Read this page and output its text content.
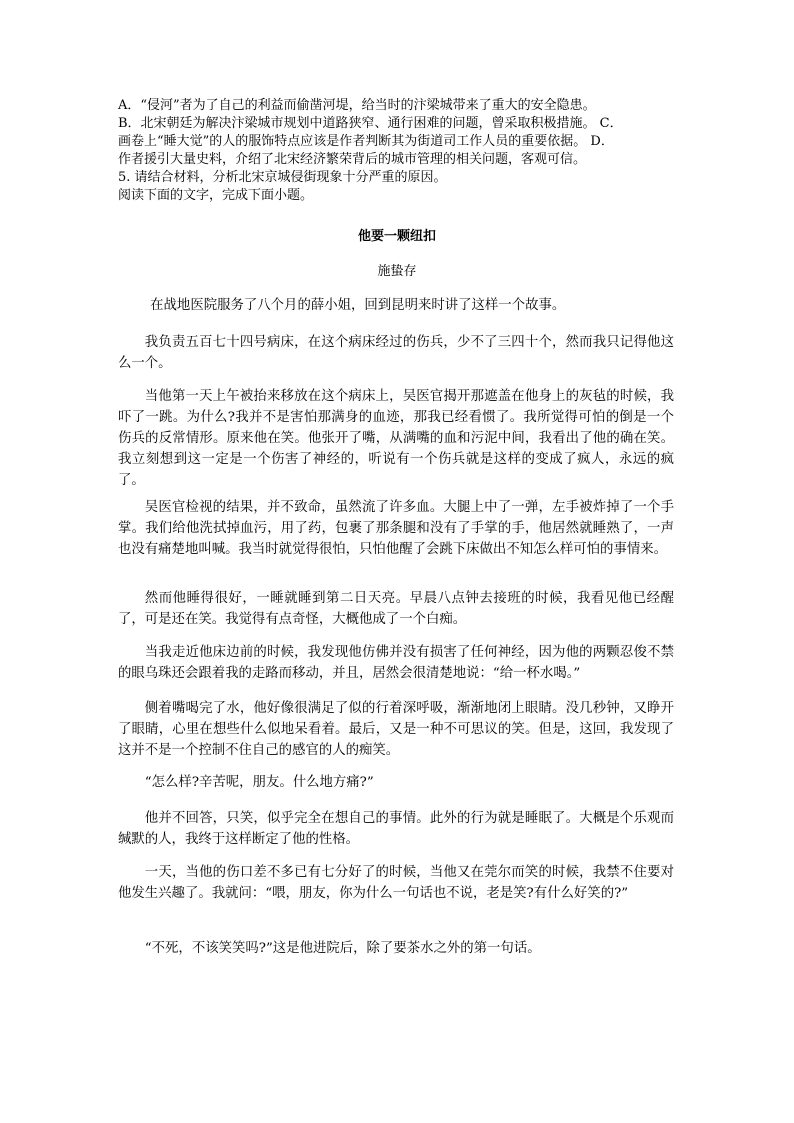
A．“侵河”者为了自己的利益而偷凿河堤，给当时的汴梁城带来了重大的安全隐患。
B．北宋朝廷为解决汴梁城市规划中道路狭窄、通行困难的问题，曾采取积极措施。 C．
画卷上“睡大觉”的人的服饰特点应该是作者判断其为街道司工作人员的重要依据。 D．
作者援引大量史料，介绍了北宋经济繁荣背后的城市管理的相关问题，客观可信。
5. 请结合材料，分析北宋京城侵街现象十分严重的原因。
阅读下面的文字，完成下面小题。
他要一颗纽扣
施蛰存
在战地医院服务了八个月的薛小姐，回到昆明来时讲了这样一个故事。
我负责五百七十四号病床，在这个病床经过的伤兵，少不了三四十个，然而我只记得他这么一个。
当他第一天上午被抬来移放在这个病床上，吴医官揭开那遮盖在他身上的灰毡的时候，我吓了一跳。为什么?我并不是害怕那满身的血迹，那我已经看惯了。我所觉得可怕的倒是一个伤兵的反常情形。原来他在笑。他张开了嘴，从满嘴的血和污泥中间，我看出了他的确在笑。我立刻想到这一定是一个伤害了神经的，听说有一个伤兵就是这样的变成了疯人，永远的疯了。
吴医官检视的结果，并不致命，虽然流了许多血。大腿上中了一弹，左手被炸掉了一个手掌。我们给他洗拭掉血污，用了药，包裹了那条腿和没有了手掌的手，他居然就睡熟了，一声也没有痛楚地叫喊。我当时就觉得很怕，只怕他醒了会跳下床做出不知怎么样可怕的事情来。
然而他睡得很好，一睡就睡到第二日天亮。早晨八点钟去接班的时候，我看见他已经醒了，可是还在笑。我觉得有点奇怪，大概他成了一个白痴。
当我走近他床边前的时候，我发现他仿佛并没有损害了任何神经，因为他的两颗忍俊不禁的眼乌珠还会跟着我的走路而移动，并且，居然会很清楚地说：“给一杯水喝。”
侧着嘴喝完了水，他好像很满足了似的行着深呼吸，渐渐地闭上眼睛。没几秒钟，又睁开了眼睛，心里在想些什么似地呆看着。最后，又是一种不可思议的笑。但是，这回，我发现了这并不是一个控制不住自己的感官的人的痴笑。
“怎么样?辛苦呢，朋友。什么地方痛?”
他并不回答，只笑，似乎完全在想自己的事情。此外的行为就是睡眠了。大概是个乐观而缄默的人，我终于这样断定了他的性格。
一天，当他的伤口差不多已有七分好了的时候，当他又在莞尔而笑的时候，我禁不住要对他发生兴趣了。我就问：“喂，朋友，你为什么一句话也不说，老是笑?有什么好笑的?”
“不死，不该笑笑吗?”这是他进院后，除了要茶水之外的第一句话。
